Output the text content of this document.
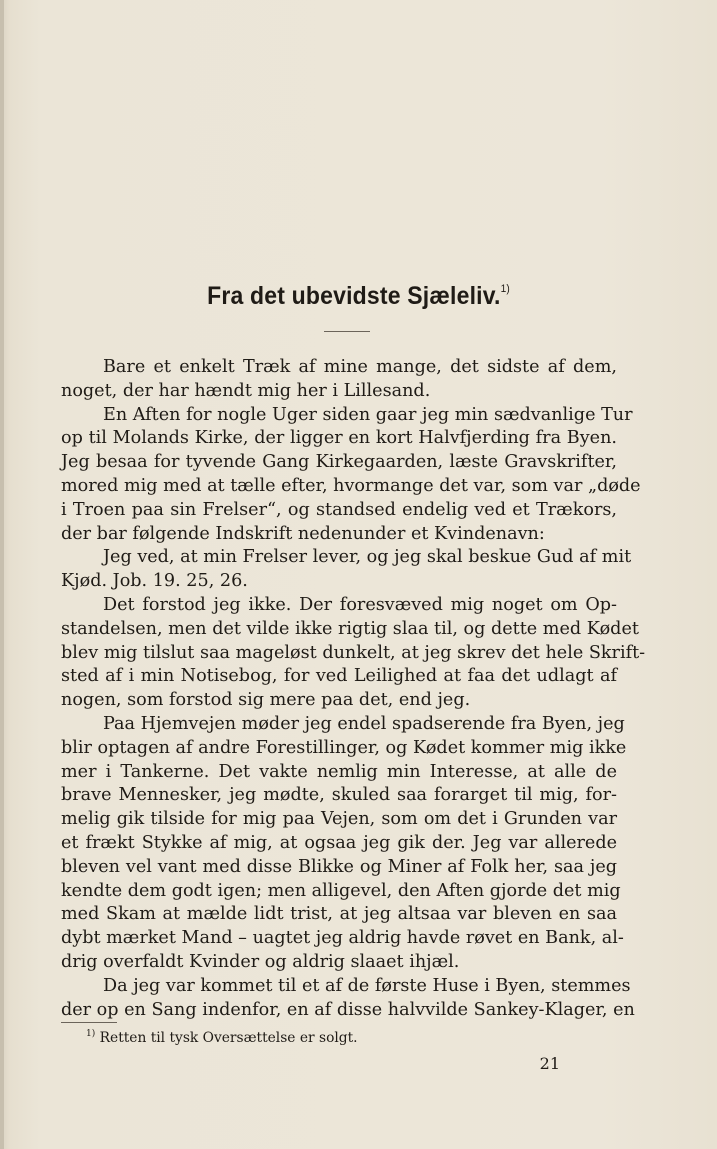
Fra det ubevidste Sjæleliv.$^{1)}$
Bare et enkelt Træk af mine mange, det sidste af dem,
noget, der har hændt mig her i Lillesand.
En Aften for nogle Uger siden gaar jeg min sædvanlige Tur
op til Molands Kirke, der ligger en kort Halvfjerding fra Byen.
Jeg besaa for tyvende Gang Kirkegaarden, læste Gravskrifter,
mored mig med at tælle efter, hvormange det var, som var „døde
i Troen paa sin Frelser“, og standsed endelig ved et Trækors,
der bar følgende Indskrift nedenunder et Kvindenavn:
Jeg ved, at min Frelser lever, og jeg skal beskue Gud af mit
Kjød. Job. 19. 25, 26.
Det forstod jeg ikke. Der foresvæved mig noget om Op-
standelsen, men det vilde ikke rigtig slaa til, og dette med Kødet
blev mig tilslut saa mageløst dunkelt, at jeg skrev det hele Skrift-
sted af i min Notisebog, for ved Leilighed at faa det udlagt af
nogen, som forstod sig mere paa det, end jeg.
Paa Hjemvejen møder jeg endel spadserende fra Byen, jeg
blir optagen af andre Forestillinger, og Kødet kommer mig ikke
mer i Tankerne. Det vakte nemlig min Interesse, at alle de
brave Mennesker, jeg mødte, skuled saa forarget til mig, for-
melig gik tilside for mig paa Vejen, som om det i Grunden var
et frækt Stykke af mig, at ogsaa jeg gik der. Jeg var allerede
bleven vel vant med disse Blikke og Miner af Folk her, saa jeg
kendte dem godt igen; men alligevel, den Aften gjorde det mig
med Skam at mælde lidt trist, at jeg altsaa var bleven en saa
dybt mærket Mand – uagtet jeg aldrig havde røvet en Bank, al-
drig overfaldt Kvinder og aldrig slaaet ihjæl.
Da jeg var kommet til et af de første Huse i Byen, stemmes
der op en Sang indenfor, en af disse halvvilde Sankey-Klager, en
$^{1)}$ Retten til tysk Oversættelse er solgt.
21
